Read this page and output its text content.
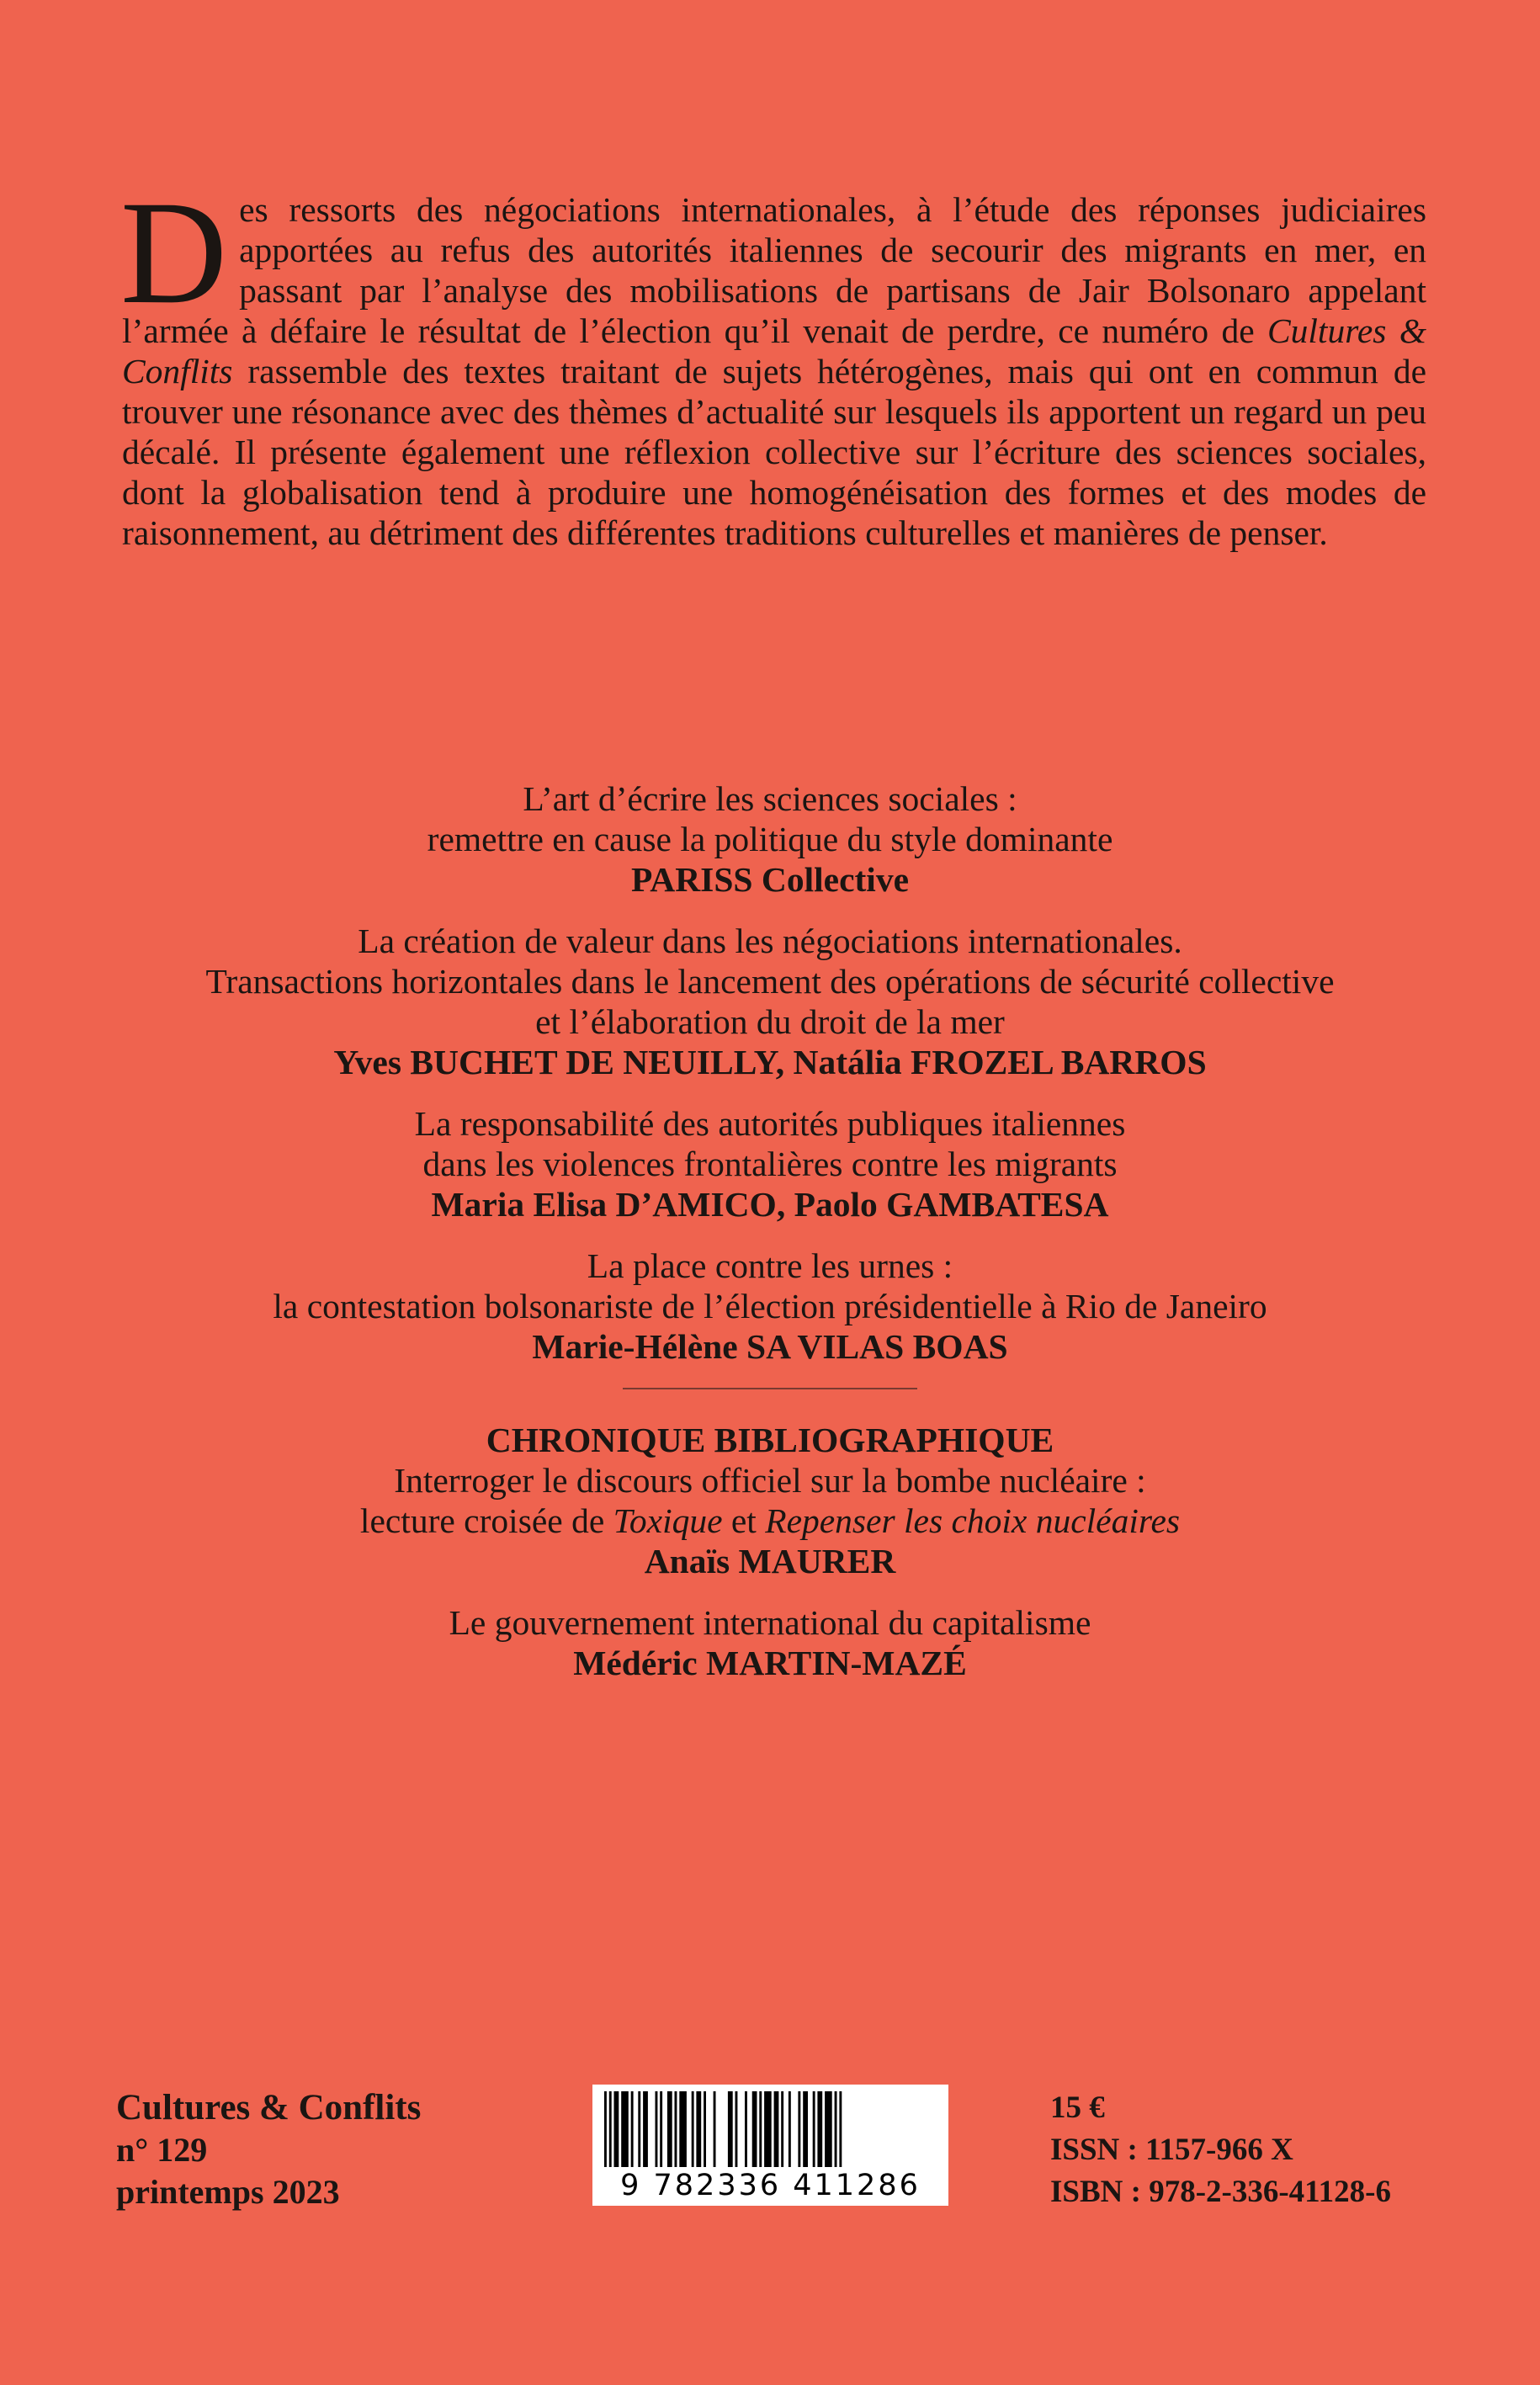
Des ressorts des négociations internationales, à l’étude des réponses judiciaires apportées au refus des autorités italiennes de secourir des migrants en mer, en passant par l’analyse des mobilisations de partisans de Jair Bolsonaro appelant l’armée à défaire le résultat de l’élection qu’il venait de perdre, ce numéro de Cultures & Conflits rassemble des textes traitant de sujets hétérogènes, mais qui ont en commun de trouver une résonance avec des thèmes d’actualité sur lesquels ils apportent un regard un peu décalé. Il présente également une réflexion collective sur l’écriture des sciences sociales, dont la globalisation tend à produire une homogénéisation des formes et des modes de raisonnement, au détriment des différentes traditions culturelles et manières de penser.

L’art d’écrire les sciences sociales :
remettre en cause la politique du style dominante
PARISS Collective
La création de valeur dans les négociations internationales.
Transactions horizontales dans le lancement des opérations de sécurité collective
et l’élaboration du droit de la mer
Yves BUCHET DE NEUILLY, Natália FROZEL BARROS
La responsabilité des autorités publiques italiennes
dans les violences frontalières contre les migrants
Maria Elisa D’AMICO, Paolo GAMBATESA
La place contre les urnes :
la contestation bolsonariste de l’élection présidentielle à Rio de Janeiro
Marie-Hélène SA VILAS BOAS
CHRONIQUE BIBLIOGRAPHIQUE
Interroger le discours officiel sur la bombe nucléaire :
lecture croisée de Toxique et Repenser les choix nucléaires
Anaïs MAURER
Le gouvernement international du capitalisme
Médéric MARTIN-MAZÉ
Cultures & Conflits
n° 129
printemps 2023	9 782336 411286
15 €
ISSN : 1157-966 X
ISBN : 978-2-336-41128-6
